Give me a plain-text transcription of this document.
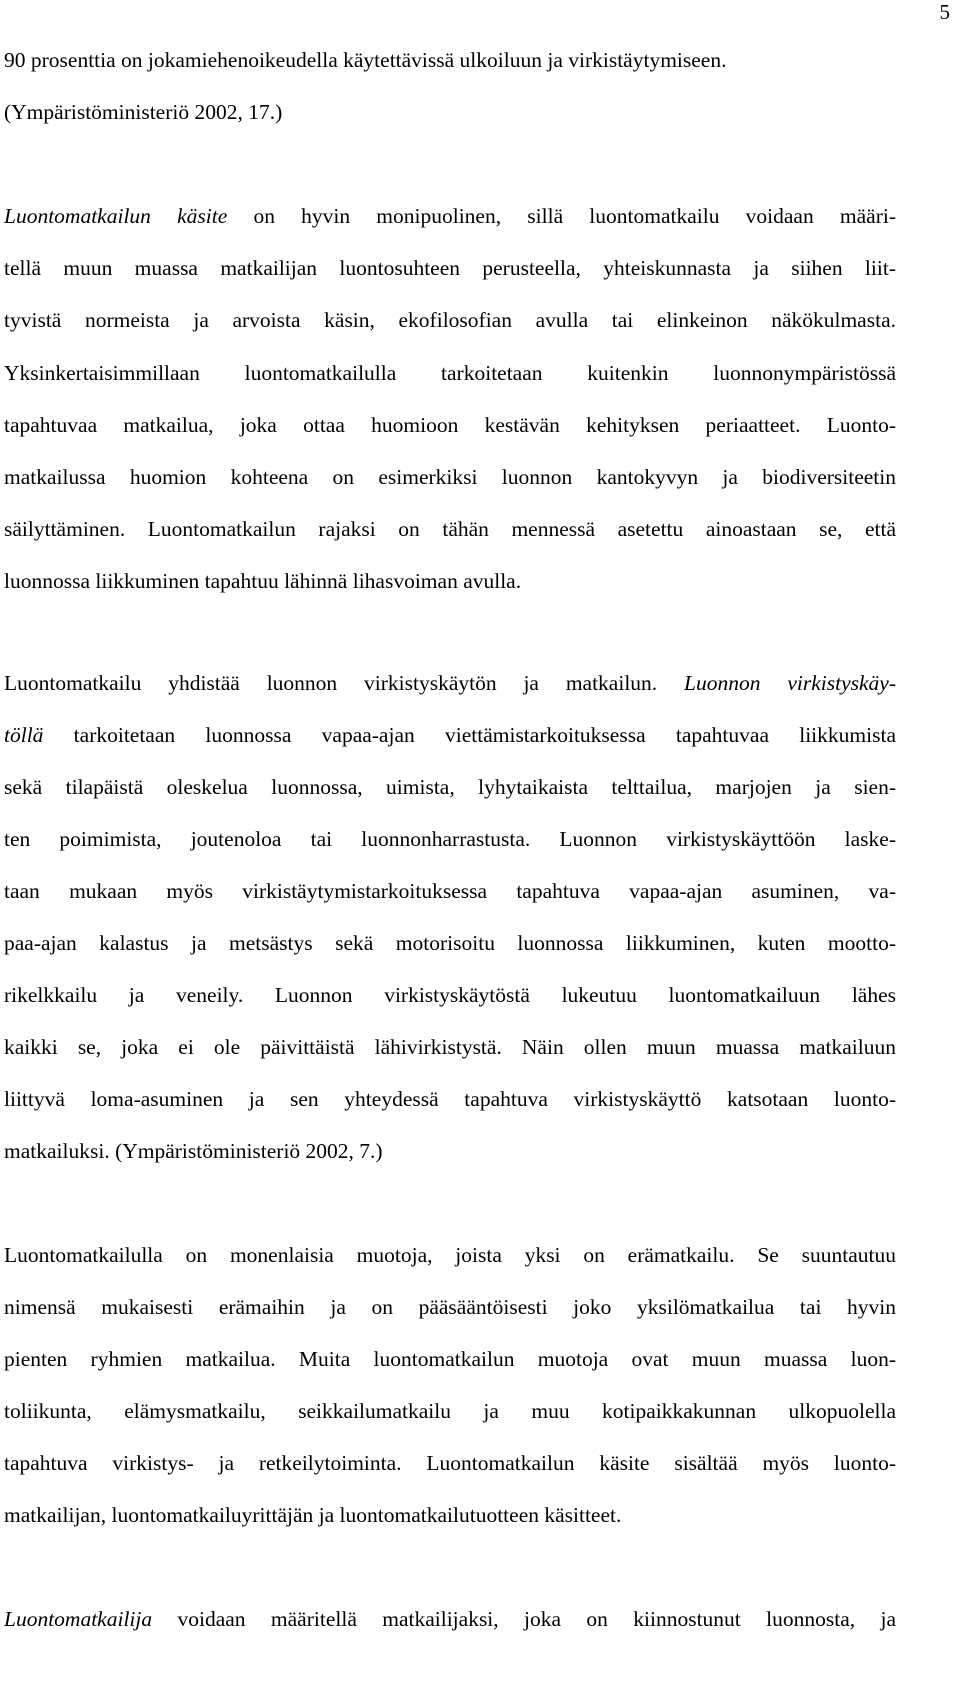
5
90 prosenttia on jokamiehenoikeudella käytettävissä ulkoiluun ja virkistäytymiseen.
(Ympäristöministeriö 2002, 17.)
Luontomatkailun käsite on hyvin monipuolinen, sillä luontomatkailu voidaan määri-
tellä muun muassa matkailijan luontosuhteen perusteella, yhteiskunnasta ja siihen liit-
tyvistä normeista ja arvoista käsin, ekofilosofian avulla tai elinkeinon näkökulmasta.
Yksinkertaisimmillaan luontomatkailulla tarkoitetaan kuitenkin luonnonympäristössä
tapahtuvaa matkailua, joka ottaa huomioon kestävän kehityksen periaatteet. Luonto-
matkailussa huomion kohteena on esimerkiksi luonnon kantokyvyn ja biodiversiteetin
säilyttäminen. Luontomatkailun rajaksi on tähän mennessä asetettu ainoastaan se, että
luonnossa liikkuminen tapahtuu lähinnä lihasvoiman avulla.
Luontomatkailu yhdistää luonnon virkistyskäytön ja matkailun. Luonnon virkistyskäy-
töllä tarkoitetaan luonnossa vapaa-ajan viettämistarkoituksessa tapahtuvaa liikkumista
sekä tilapäistä oleskelua luonnossa, uimista, lyhytaikaista telttailua, marjojen ja sien-
ten poimimista, joutenoloa tai luonnonharrastusta. Luonnon virkistyskäyttöön laske-
taan mukaan myös virkistäytymistarkoituksessa tapahtuva vapaa-ajan asuminen, va-
paa-ajan kalastus ja metsästys sekä motorisoitu luonnossa liikkuminen, kuten mootto-
rikelkkailu ja veneily. Luonnon virkistyskäytöstä lukeutuu luontomatkailuun lähes
kaikki se, joka ei ole päivittäistä lähivirkistystä. Näin ollen muun muassa matkailuun
liittyvä loma-asuminen ja sen yhteydessä tapahtuva virkistyskäyttö katsotaan luonto-
matkailuksi. (Ympäristöministeriö 2002, 7.)
Luontomatkailulla on monenlaisia muotoja, joista yksi on erämatkailu. Se suuntautuu
nimensä mukaisesti erämaihin ja on pääsääntöisesti joko yksilömatkailua tai hyvin
pienten ryhmien matkailua. Muita luontomatkailun muotoja ovat muun muassa luon-
toliikunta, elämysmatkailu, seikkailumatkailu ja muu kotipaikkakunnan ulkopuolella
tapahtuva virkistys- ja retkeilytoiminta. Luontomatkailun käsite sisältää myös luonto-
matkailijan, luontomatkailuyrittäjän ja luontomatkailutuotteen käsitteet.
Luontomatkailija voidaan määritellä matkailijaksi, joka on kiinnostunut luonnosta, ja
